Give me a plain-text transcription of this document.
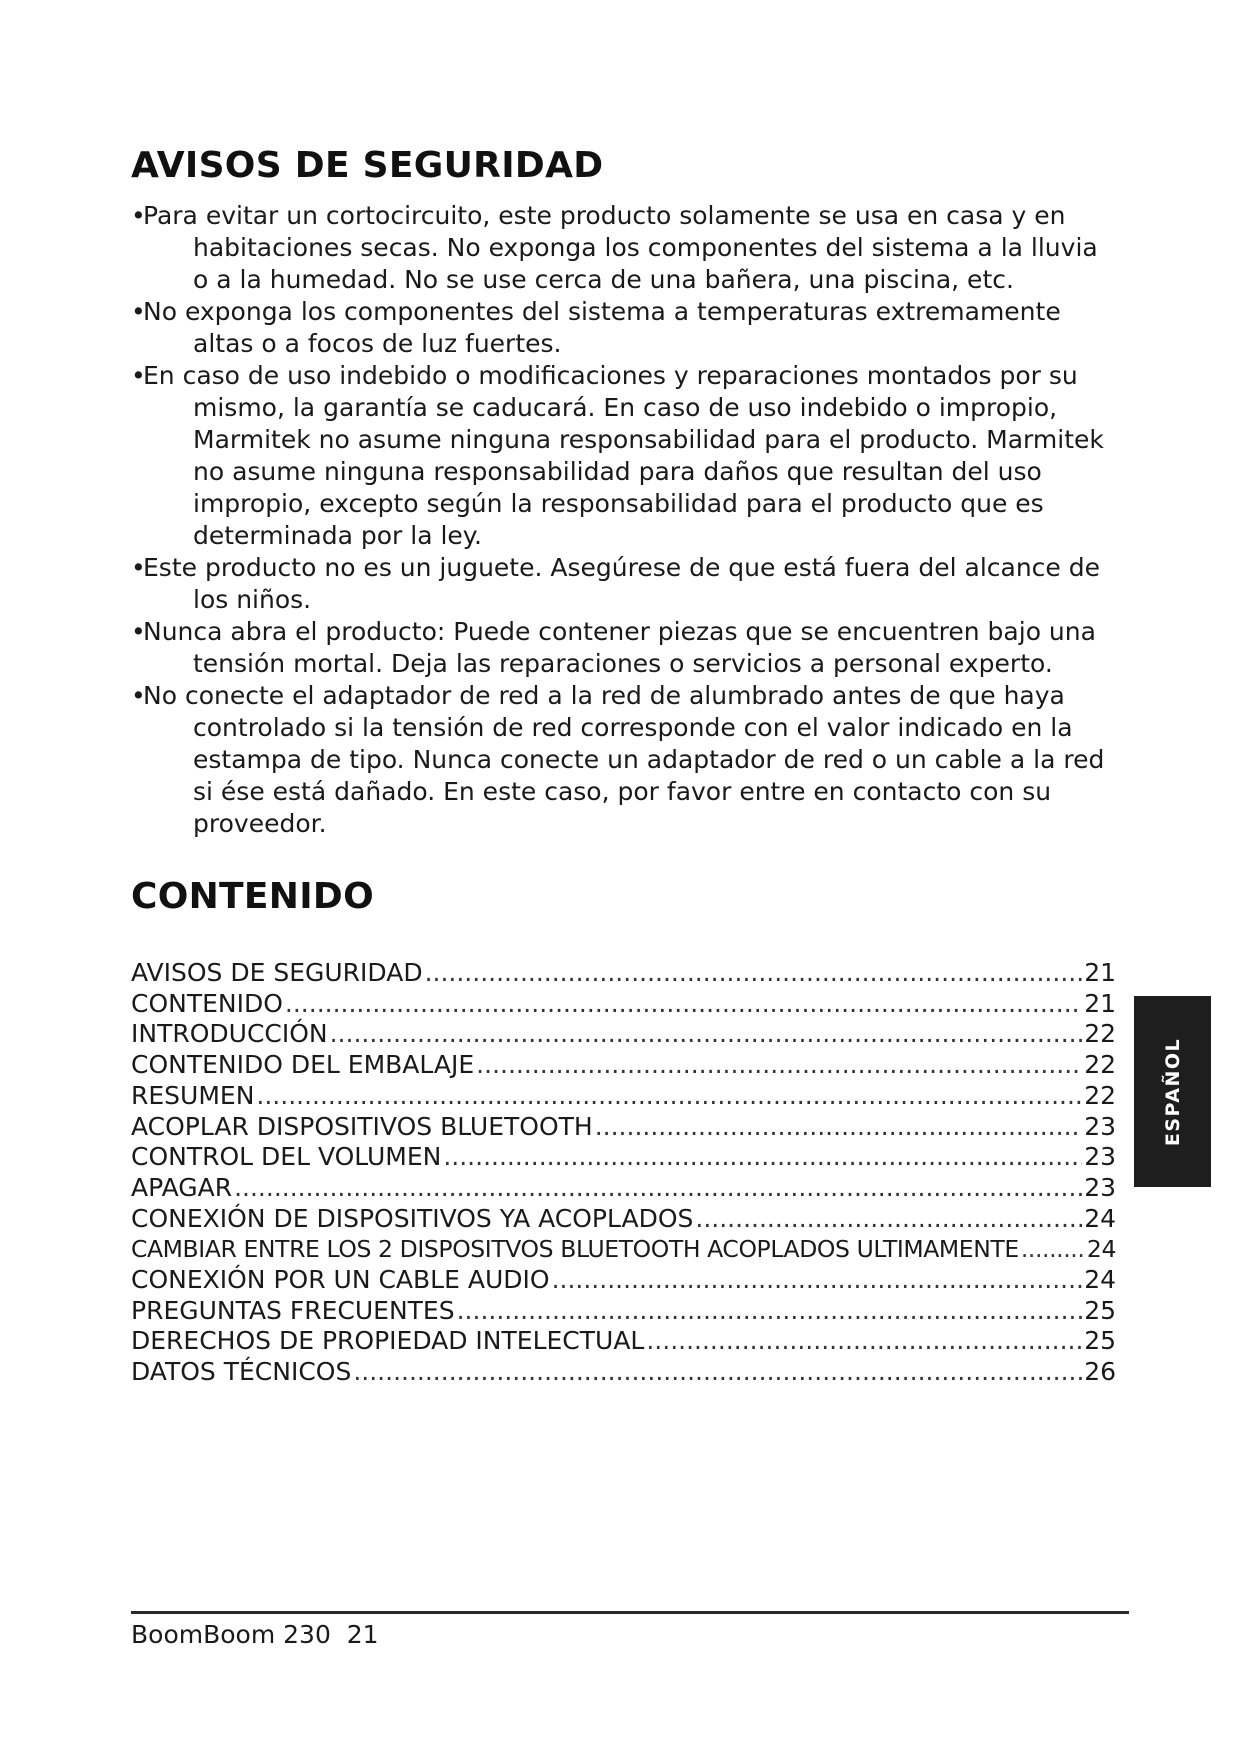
AVISOS DE SEGURIDAD
•Para evitar un cortocircuito, este producto solamente se usa en casa y en habitaciones secas. No exponga los componentes del sistema a la lluvia o a la humedad. No se use cerca de una bañera, una piscina, etc.
•No exponga los componentes del sistema a temperaturas extremamente altas o a focos de luz fuertes.
•En caso de uso indebido o modificaciones y reparaciones montados por su mismo, la garantía se caducará. En caso de uso indebido o impropio, Marmitek no asume ninguna responsabilidad para el producto. Marmitek no asume ninguna responsabilidad para daños que resultan del uso impropio, excepto según la responsabilidad para el producto que es determinada por la ley.
•Este producto no es un juguete. Asegúrese de que está fuera del alcance de los niños.
•Nunca abra el producto: Puede contener piezas que se encuentren bajo una tensión mortal. Deja las reparaciones o servicios a personal experto.
•No conecte el adaptador de red a la red de alumbrado antes de que haya controlado si la tensión de red corresponde con el valor indicado en la estampa de tipo. Nunca conecte un adaptador de red o un cable a la red si ése está dañado. En este caso, por favor entre en contacto con su proveedor.
CONTENIDO
AVISOS DE SEGURIDAD .....	21
CONTENIDO .....	21
INTRODUCCIÓN .....	22
CONTENIDO DEL EMBALAJE .....	22
RESUMEN .....	22
ACOPLAR DISPOSITIVOS BLUETOOTH .....	23
CONTROL DEL VOLUMEN .....	23
APAGAR .....	23
CONEXIÓN DE DISPOSITIVOS YA ACOPLADOS .....	24
CAMBIAR ENTRE LOS 2 DISPOSITVOS BLUETOOTH ACOPLADOS ULTIMAMENTE .....	24
CONEXIÓN POR UN CABLE AUDIO .....	24
PREGUNTAS FRECUENTES .....	25
DERECHOS DE PROPIEDAD INTELECTUAL .....	25
DATOS TÉCNICOS .....	26
ESPAÑOL
BoomBoom 230 21
